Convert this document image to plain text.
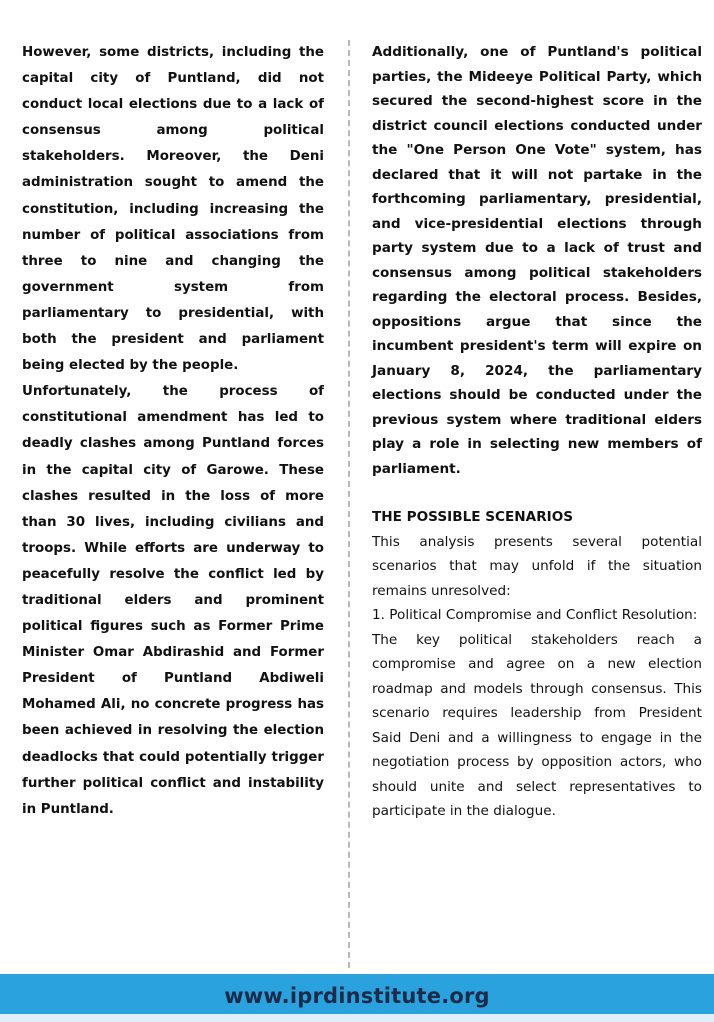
However, some districts, including the capital city of Puntland, did not conduct local elections due to a lack of consensus among political stakeholders. Moreover, the Deni administration sought to amend the constitution, including increasing the number of political associations from three to nine and changing the government system from parliamentary to presidential, with both the president and parliament being elected by the people.

Unfortunately, the process of constitutional amendment has led to deadly clashes among Puntland forces in the capital city of Garowe. These clashes resulted in the loss of more than 30 lives, including civilians and troops. While efforts are underway to peacefully resolve the conflict led by traditional elders and prominent political figures such as Former Prime Minister Omar Abdirashid and Former President of Puntland Abdiweli Mohamed Ali, no concrete progress has been achieved in resolving the election deadlocks that could potentially trigger further political conflict and instability in Puntland.

Additionally, one of Puntland's political parties, the Mideeye Political Party, which secured the second-highest score in the district council elections conducted under the "One Person One Vote" system, has declared that it will not partake in the forthcoming parliamentary, presidential, and vice-presidential elections through party system due to a lack of trust and consensus among political stakeholders regarding the electoral process. Besides, oppositions argue that since the incumbent president's term will expire on January 8, 2024, the parliamentary elections should be conducted under the previous system where traditional elders play a role in selecting new members of parliament.

THE POSSIBLE SCENARIOS

This analysis presents several potential scenarios that may unfold if the situation remains unresolved:

1. Political Compromise and Conflict Resolution:

The key political stakeholders reach a compromise and agree on a new election roadmap and models through consensus. This scenario requires leadership from President Said Deni and a willingness to engage in the negotiation process by opposition actors, who should unite and select representatives to participate in the dialogue.

www.iprdinstitute.org
